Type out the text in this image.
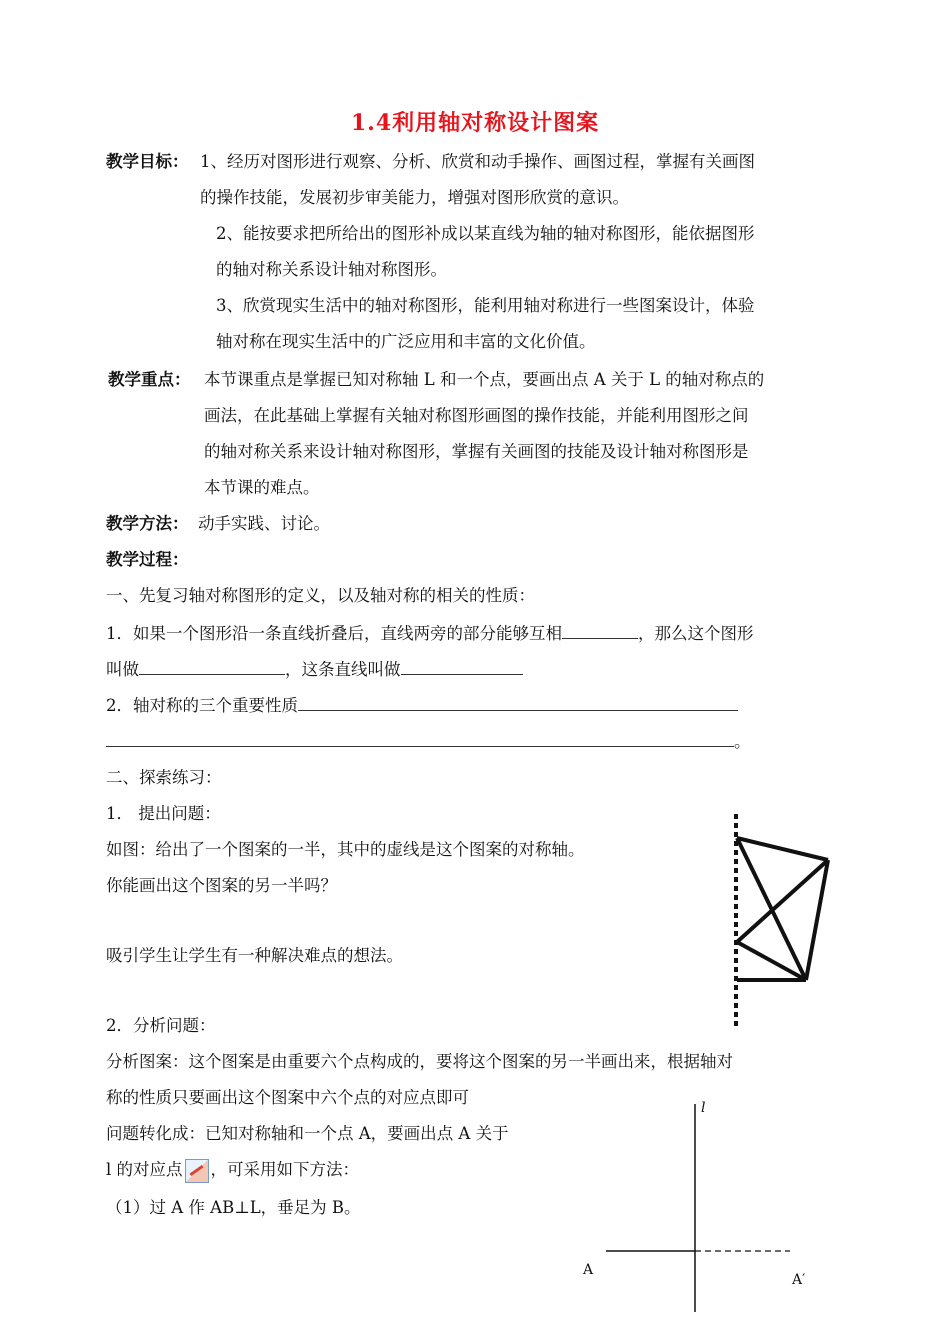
1.4利用轴对称设计图案
教学目标： 1、经历对图形进行观察、分析、欣赏和动手操作、画图过程，掌握有关画图
的操作技能，发展初步审美能力，增强对图形欣赏的意识。
2、能按要求把所给出的图形补成以某直线为轴的轴对称图形，能依据图形
的轴对称关系设计轴对称图形。
3、欣赏现实生活中的轴对称图形，能利用轴对称进行一些图案设计，体验
轴对称在现实生活中的广泛应用和丰富的文化价值。
教学重点： 本节课重点是掌握已知对称轴 L 和一个点，要画出点 A 关于 L 的轴对称点的
画法，在此基础上掌握有关轴对称图形画图的操作技能，并能利用图形之间
的轴对称关系来设计轴对称图形，掌握有关画图的技能及设计轴对称图形是
本节课的难点。
教学方法： 动手实践、讨论。
教学过程：
一、先复习轴对称图形的定义，以及轴对称的相关的性质：
1．如果一个图形沿一条直线折叠后，直线两旁的部分能够互相	，那么这个图形
叫做	，这条直线叫做
2．轴对称的三个重要性质
。
二、探索练习：
1． 提出问题：
如图：给出了一个图案的一半，其中的虚线是这个图案的对称轴。
你能画出这个图案的另一半吗？
吸引学生让学生有一种解决难点的想法。
2．分析问题：
分析图案：这个图案是由重要六个点构成的，要将这个图案的另一半画出来，根据轴对
称的性质只要画出这个图案中六个点的对应点即可
问题转化成：已知对称轴和一个点 A，要画出点 A 关于
l 的对应点 ，可采用如下方法：
（1）过 A 作 AB⊥L，垂足为 B。
l
A
A′
